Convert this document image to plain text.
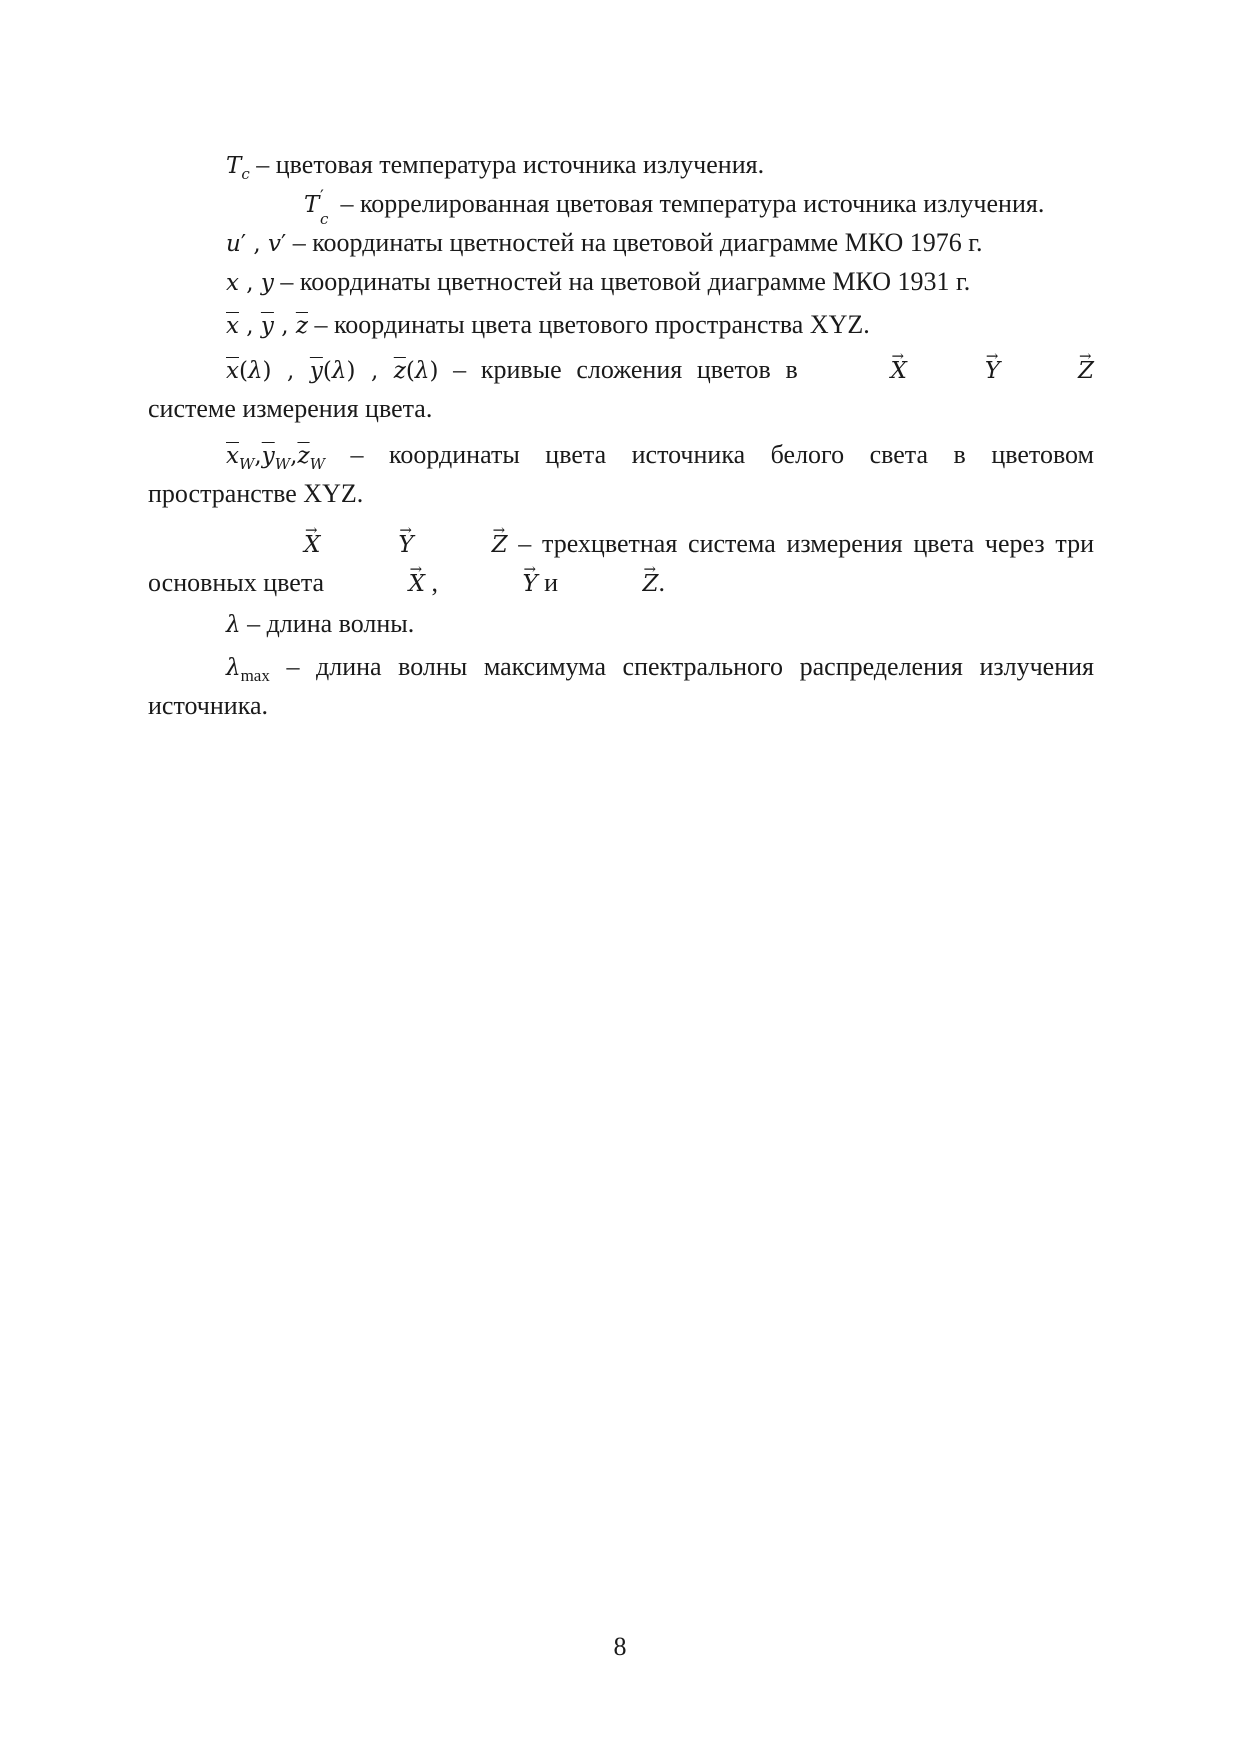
$T_c$ – цветовая температура источника излучения.

T ′
c
– коррелированная цветовая температура источника излучения.

u′ , v′ – координаты цветностей на цветовой диаграмме МКО 1976 г.

x , y – координаты цветностей на цветовой диаграмме МКО 1931 г.

$\overline{x}$ , $\overline{y}$ , $\overline{z}$ – координаты цвета цветового пространства XYZ.

$\overline{x}(\lambda)$ , $\overline{y}(\lambda)$ , $\overline{z}(\lambda)$ – кривые сложения цветов в	→ X	→ Y	→ Z системе измерения цвета.

$\overline{x}_W,\overline{y}_W,\overline{z}_W$ – координаты цвета источника белого света в цветовом пространстве XYZ.

→ X	→ Y	→ Z – трехцветная система измерения цвета через три основных цвета	→ X ,	→ Y и	→ Z.

λ – длина волны.

$\lambda_{max}$ – длина волны максимума спектрального распределения излучения источника.

8
